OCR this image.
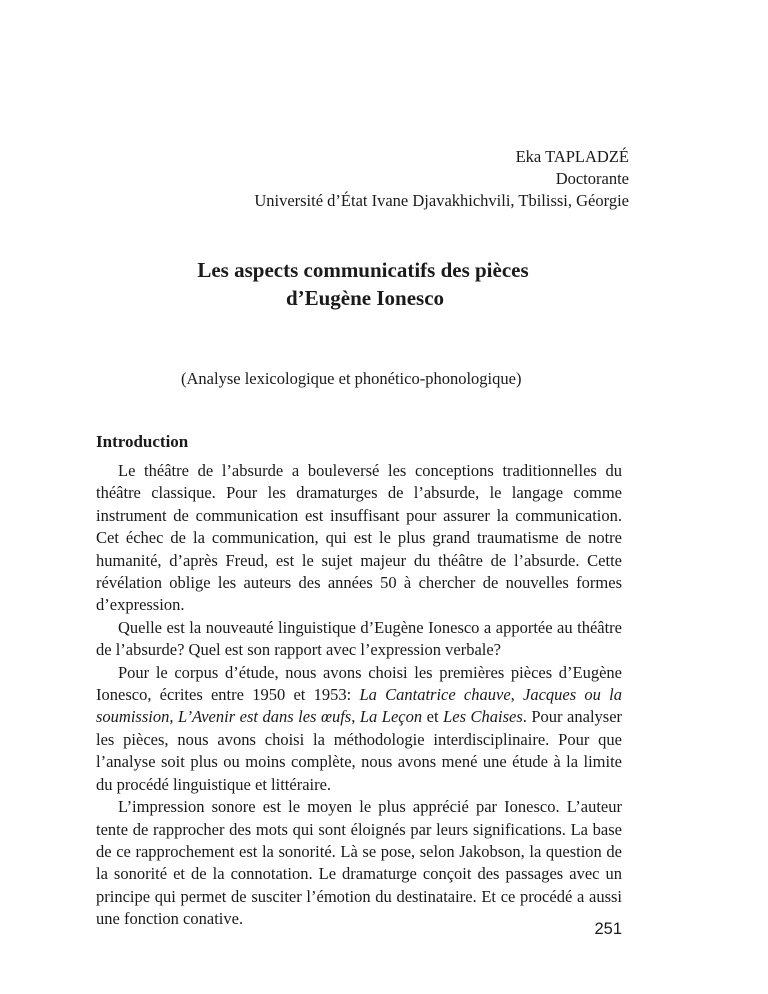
Eka TAPLADZÉ
Doctorante
Université d’État Ivane Djavakhichvili, Tbilissi, Géorgie
Les aspects communicatifs des pièces
d’Eugène Ionesco
(Analyse lexicologique et phonético-phonologique)
Introduction

Le théâtre de l’absurde a bouleversé les conceptions traditionnelles du théâtre classique. Pour les dramaturges de l’absurde, le langage comme instrument de communication est insuffisant pour assurer la communication. Cet échec de la communication, qui est le plus grand traumatisme de notre humanité, d’après Freud, est le sujet majeur du théâtre de l’absurde. Cette révélation oblige les auteurs des années 50 à chercher de nouvelles formes d’expression.

Quelle est la nouveauté linguistique d’Eugène Ionesco a apportée au théâtre de l’absurde? Quel est son rapport avec l’expression verbale?

Pour le corpus d’étude, nous avons choisi les premières pièces d’Eugène Ionesco, écrites entre 1950 et 1953: La Cantatrice chauve, Jacques ou la soumission, L’Avenir est dans les œufs, La Leçon et Les Chaises. Pour analyser les pièces, nous avons choisi la méthodologie interdisciplinaire. Pour que l’analyse soit plus ou moins complète, nous avons mené une étude à la limite du procédé linguistique et littéraire.

L’impression sonore est le moyen le plus apprécié par Ionesco. L’auteur tente de rapprocher des mots qui sont éloignés par leurs significations. La base de ce rapprochement est la sonorité. Là se pose, selon Jakobson, la question de la sonorité et de la connotation. Le dramaturge conçoit des passages avec un principe qui permet de susciter l’émotion du destinataire. Et ce procédé a aussi une fonction conative.

251
